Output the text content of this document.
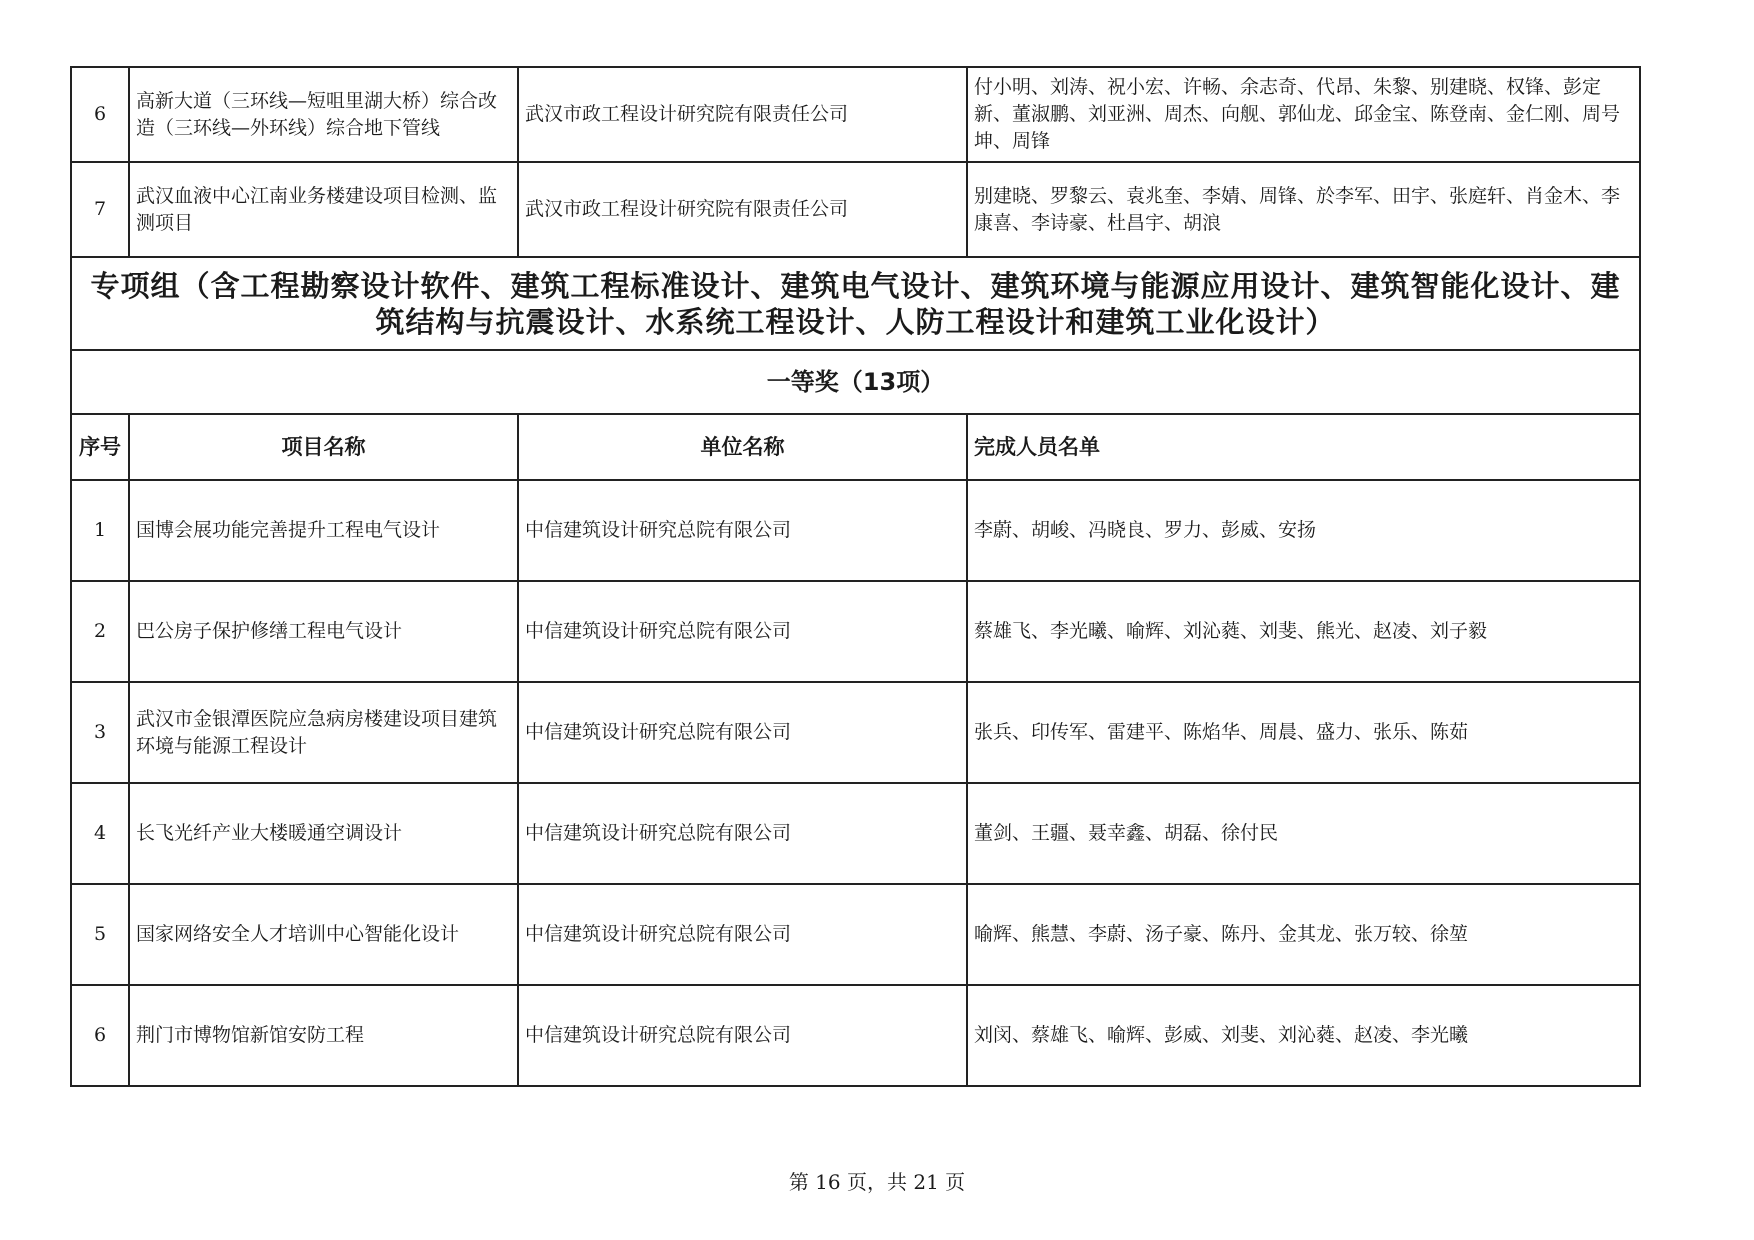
6	高新大道（三环线—短咀里湖大桥）综合改造（三环线—外环线）综合地下管线	武汉市政工程设计研究院有限责任公司	付小明、刘涛、祝小宏、许畅、余志奇、代昂、朱黎、别建晓、权锋、彭定新、董淑鹏、刘亚洲、周杰、向舰、郭仙龙、邱金宝、陈登南、金仁刚、周号坤、周锋
7	武汉血液中心江南业务楼建设项目检测、监测项目	武汉市政工程设计研究院有限责任公司	别建晓、罗黎云、袁兆奎、李婧、周锋、於李军、田宇、张庭轩、肖金木、李康喜、李诗豪、杜昌宇、胡浪
专项组（含工程勘察设计软件、建筑工程标准设计、建筑电气设计、建筑环境与能源应用设计、建筑智能化设计、建筑结构与抗震设计、水系统工程设计、人防工程设计和建筑工业化设计）			
一等奖（13项）			
序号	项目名称	单位名称	完成人员名单
1	国博会展功能完善提升工程电气设计	中信建筑设计研究总院有限公司	李蔚、胡峻、冯晓良、罗力、彭威、安扬
2	巴公房子保护修缮工程电气设计	中信建筑设计研究总院有限公司	蔡雄飞、李光曦、喻辉、刘沁蕤、刘斐、熊光、赵凌、刘子毅
3	武汉市金银潭医院应急病房楼建设项目建筑环境与能源工程设计	中信建筑设计研究总院有限公司	张兵、印传军、雷建平、陈焰华、周晨、盛力、张乐、陈茹
4	长飞光纤产业大楼暖通空调设计	中信建筑设计研究总院有限公司	董剑、王疆、聂幸鑫、胡磊、徐付民
5	国家网络安全人才培训中心智能化设计	中信建筑设计研究总院有限公司	喻辉、熊慧、李蔚、汤子豪、陈丹、金其龙、张万较、徐堃
6	荆门市博物馆新馆安防工程	中信建筑设计研究总院有限公司	刘闵、蔡雄飞、喻辉、彭威、刘斐、刘沁蕤、赵凌、李光曦
第 16 页，共 21 页
